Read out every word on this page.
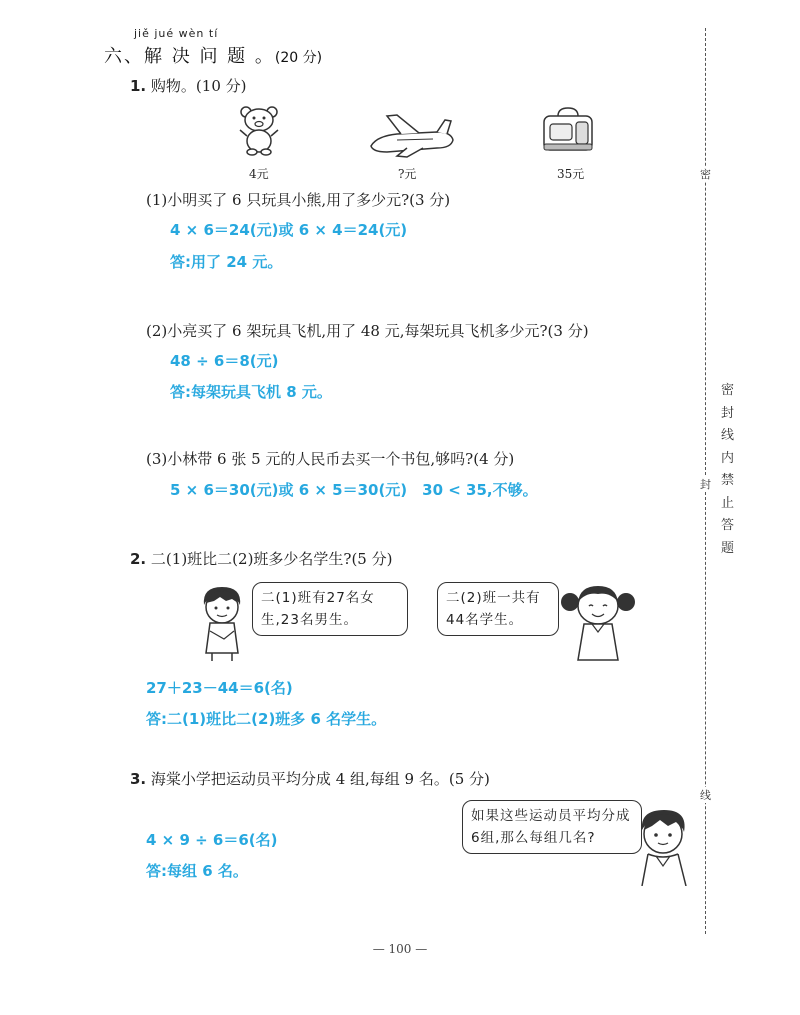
jiě jué wèn tí
六、解 决 问 题 。(20 分)
1. 购物。(10 分)
4元	?元	35元
(1)小明买了 6 只玩具小熊,用了多少元?(3 分)
4 × 6＝24(元)或 6 × 4＝24(元)
答:用了 24 元。
(2)小亮买了 6 架玩具飞机,用了 48 元,每架玩具飞机多少元?(3 分)
48 ÷ 6＝8(元)
答:每架玩具飞机 8 元。
(3)小林带 6 张 5 元的人民币去买一个书包,够吗?(4 分)
5 × 6＝30(元)或 6 × 5＝30(元)　30 < 35,不够。
2. 二(1)班比二(2)班多少名学生?(5 分)
二(1)班有27名女生,23名男生。
二(2)班一共有44名学生。
27＋23－44＝6(名)
答:二(1)班比二(2)班多 6 名学生。
3. 海棠小学把运动员平均分成 4 组,每组 9 名。(5 分)
如果这些运动员平均分成6组,那么每组几名?
4 × 9 ÷ 6＝6(名)
答:每组 6 名。
密
封
线
密封线内禁止答题
— 100 —
